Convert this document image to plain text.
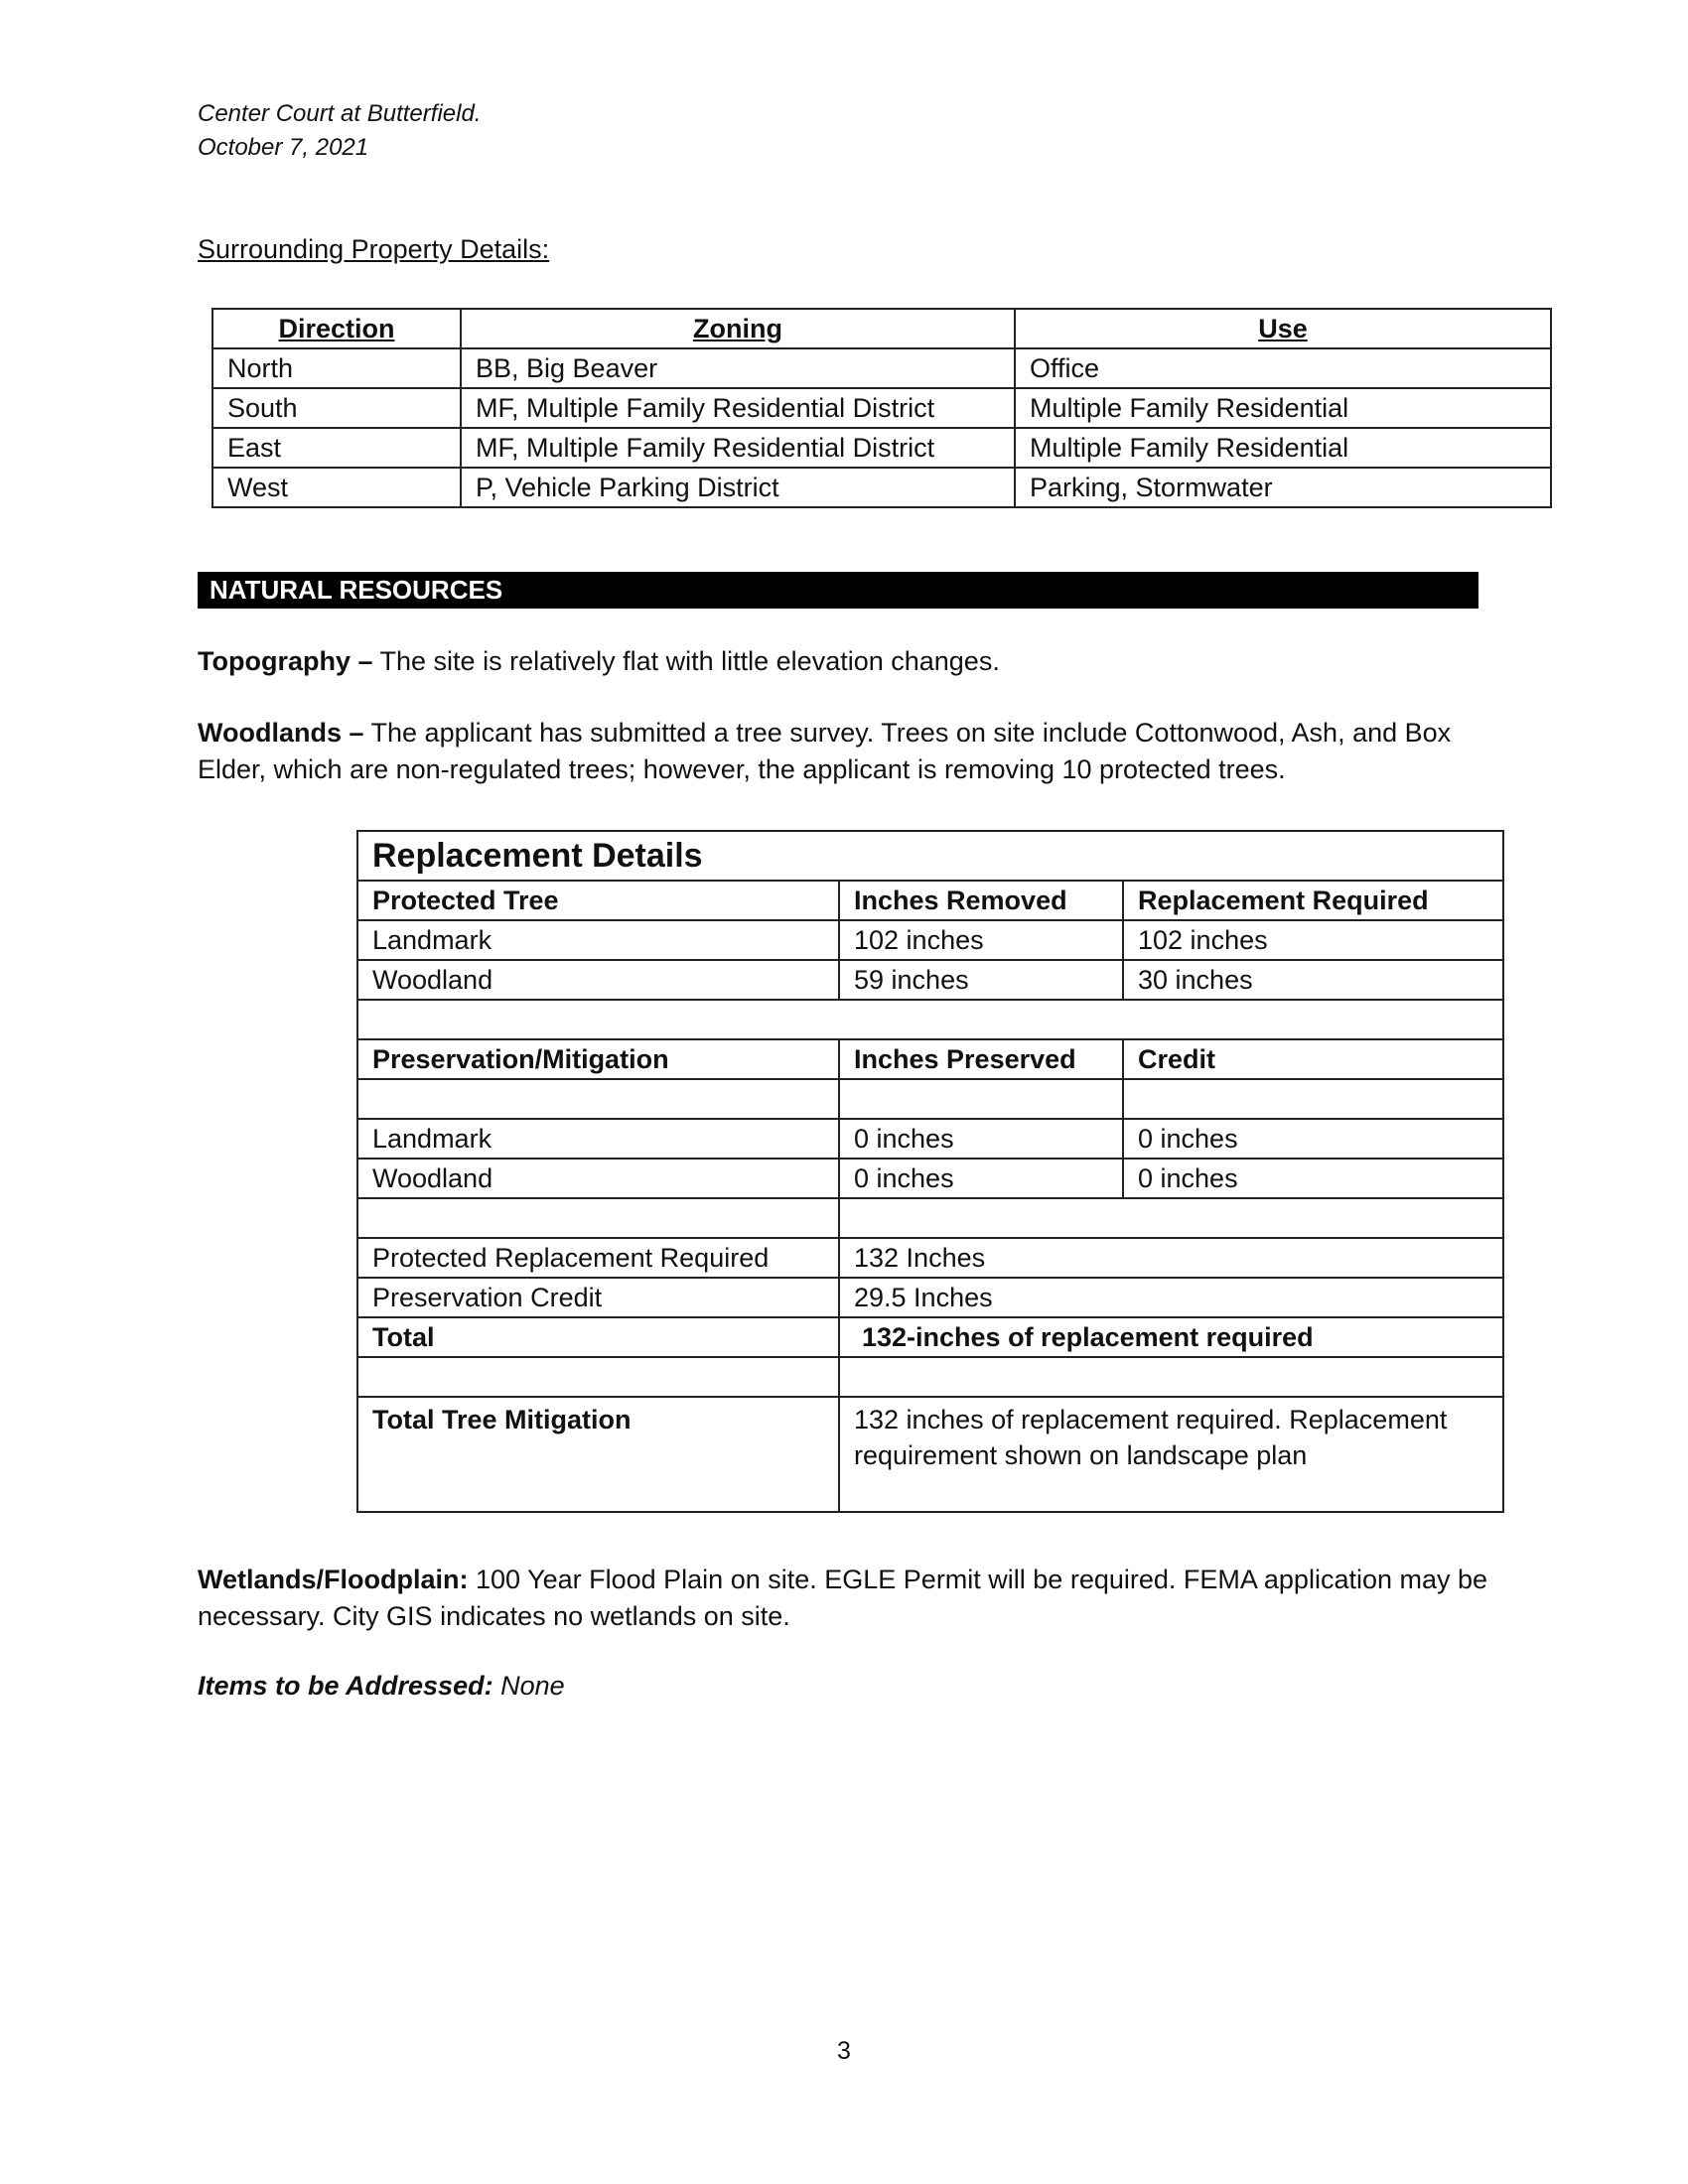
Center Court at Butterfield.
October 7, 2021
Surrounding Property Details:
Direction	Zoning	Use
North	BB, Big Beaver	Office
South	MF, Multiple Family Residential District	Multiple Family Residential
East	MF, Multiple Family Residential District	Multiple Family Residential
West	P, Vehicle Parking District	Parking, Stormwater
NATURAL RESOURCES
Topography – The site is relatively flat with little elevation changes.
Woodlands – The applicant has submitted a tree survey. Trees on site include Cottonwood, Ash, and Box Elder, which are non-regulated trees; however, the applicant is removing 10 protected trees.
Replacement Details		
Protected Tree	Inches Removed	Replacement Required
Landmark	102 inches	102 inches
Woodland	59 inches	30 inches

Preservation/Mitigation	Inches Preserved	Credit

Landmark	0 inches	0 inches
Woodland	0 inches	0 inches

Protected Replacement Required	132 Inches	
Preservation Credit	29.5 Inches	
Total	132-inches of replacement required	

Total Tree Mitigation	132 inches of replacement required. Replacement requirement shown on landscape plan	
Wetlands/Floodplain: 100 Year Flood Plain on site. EGLE Permit will be required. FEMA application may be necessary. City GIS indicates no wetlands on site.
Items to be Addressed: None
3
